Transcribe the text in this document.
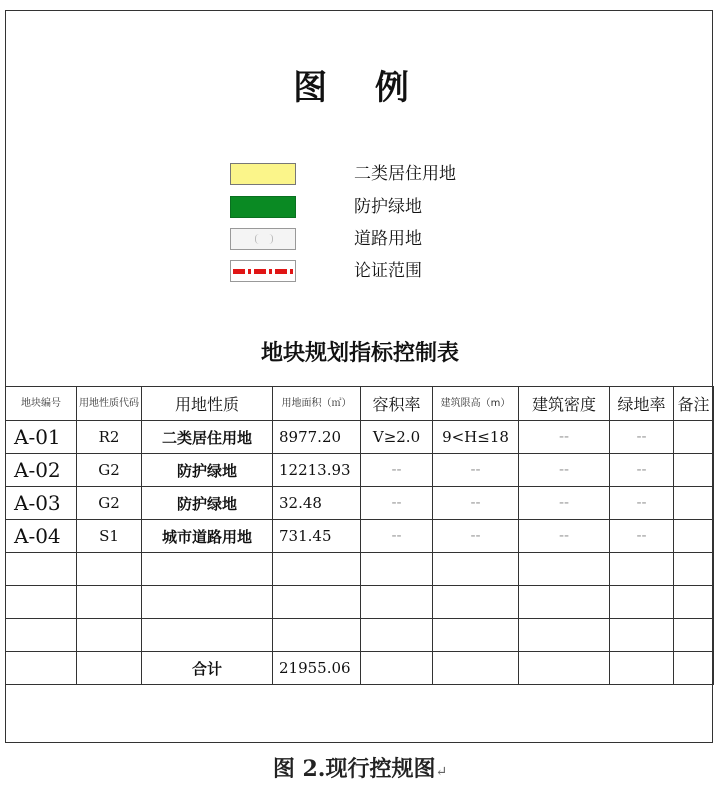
图 例
二类居住用地
防护绿地
道路用地
论证范围
地块规划指标控制表
地块编号	用地性质代码	用地性质	用地面积（㎡）	容积率	建筑限高（m）	建筑密度	绿地率	备注
A-01	R2	二类居住用地	8977.20	V≥2.0	9<H≤18	--	--	
A-02	G2	防护绿地	12213.93	--	--	--	--	
A-03	G2	防护绿地	32.48	--	--	--	--	
A-04	S1	城市道路用地	731.45	--	--	--	--	

		合计	21955.06					
图 2.现行控规图↵
